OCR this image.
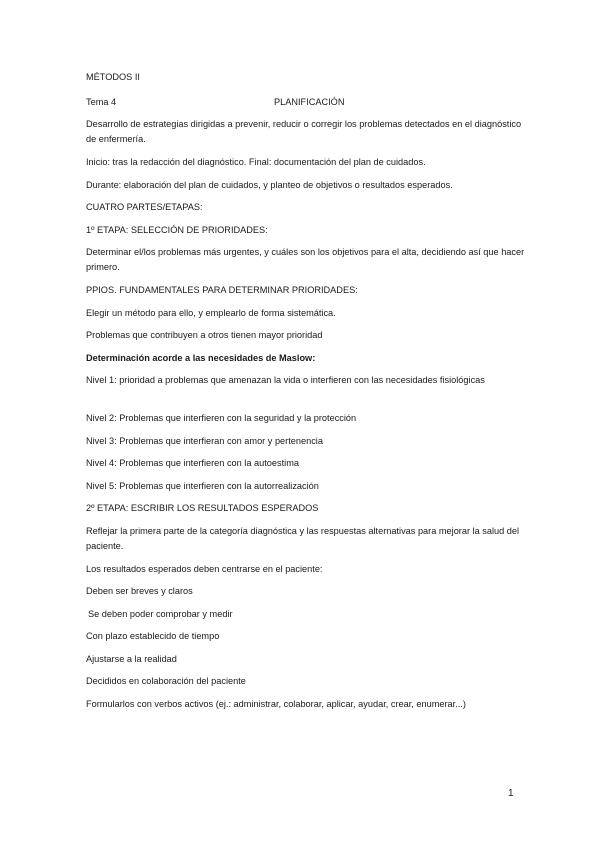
MÉTODOS II
Tema 4	PLANIFICACIÓN
Desarrollo de estrategias dirigidas a prevenir, reducir o corregir los problemas detectados en el diagnóstico de enfermería.
Inicio: tras la redacción del diagnóstico. Final: documentación del plan de cuidados.
Durante: elaboración del plan de cuidados, y planteo de objetivos o resultados esperados.
CUATRO PARTES/ETAPAS:
1º ETAPA: SELECCIÓN DE PRIORIDADES:
Determinar el/los problemas más urgentes, y cuáles son los objetivos para el alta, decidiendo así que hacer primero.
PPIOS. FUNDAMENTALES PARA DETERMINAR PRIORIDADES:
Elegir un método para ello, y emplearlo de forma sistemática.
Problemas que contribuyen a otros tienen mayor prioridad
Determinación acorde a las necesidades de Maslow:
Nivel 1: prioridad a problemas que amenazan la vida o interfieren con las necesidades fisiológicas
Nivel 2: Problemas que interfieren con la seguridad y la protección
Nivel 3: Problemas que interfieran con amor y pertenencia
Nivel 4: Problemas que interfieren con la autoestima
Nivel 5: Problemas que interfieren con la autorrealización
2º ETAPA: ESCRIBIR LOS RESULTADOS ESPERADOS
Reflejar la primera parte de la categoría diagnóstica y las respuestas alternativas para mejorar la salud del paciente.
Los resultados esperados deben centrarse en el paciente:
Deben ser breves y claros
Se deben poder comprobar y medir
Con plazo establecido de tiempo
Ajustarse a la realidad
Decididos en colaboración del paciente
Formularlos con verbos activos (ej.: administrar, colaborar, aplicar, ayudar, crear, enumerar...)
1
